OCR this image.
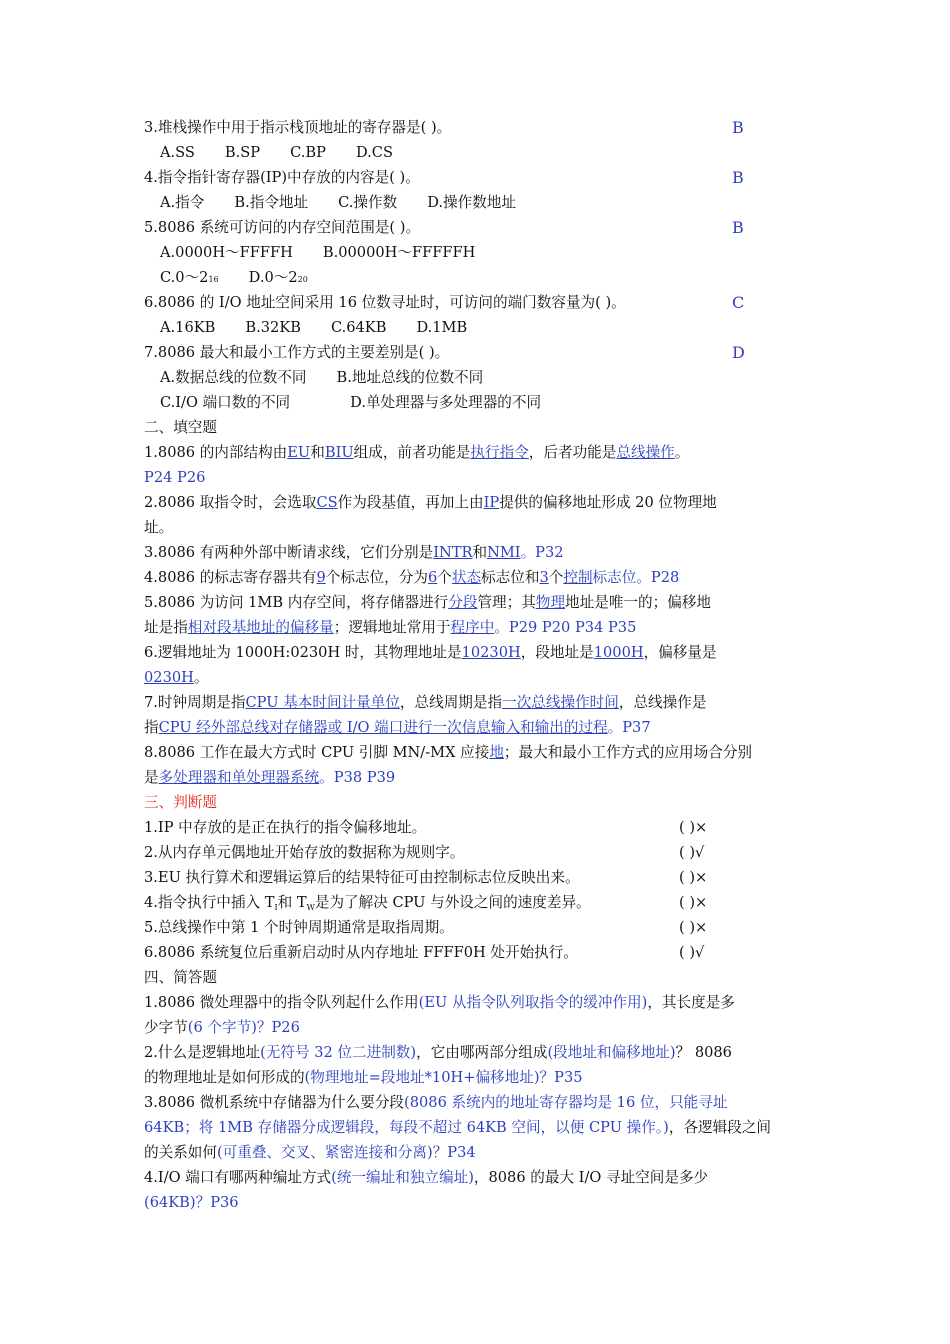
3.堆栈操作中用于指示栈顶地址的寄存器是( )。	B
A.SS B.SP C.BP D.CS
4.指令指针寄存器(IP)中存放的内容是( )。	B
A.指令 B.指令地址 C.操作数 D.操作数地址
5.8086 系统可访问的内存空间范围是( )。	B
A.0000H～FFFFH B.00000H～FFFFFH
C.0～216 D.0～220
6.8086 的 I/O 地址空间采用 16 位数寻址时，可访问的端门数容量为( )。	C
A.16KB B.32KB C.64KB D.1MB
7.8086 最大和最小工作方式的主要差别是( )。	D
A.数据总线的位数不同 B.地址总线的位数不同
C.I/O 端口数的不同	D.单处理器与多处理器的不同
二、填空题
1.8086 的内部结构由EU和BIU组成，前者功能是执行指令，后者功能是总线操作。
P24 P26
2.8086 取指令时，会选取CS作为段基值，再加上由IP提供的偏移地址形成 20 位物理地
址。
3.8086 有两种外部中断请求线，它们分别是INTR和NMI。P32
4.8086 的标志寄存器共有9个标志位，分为6个状态标志位和3个控制标志位。P28
5.8086 为访问 1MB 内存空间，将存储器进行分段管理；其物理地址是唯一的；偏移地
址是指相对段基地址的偏移量；逻辑地址常用于程序中。P29 P20 P34 P35
6.逻辑地址为 1000H:0230H 时，其物理地址是10230H，段地址是1000H，偏移量是
0230H。
7.时钟周期是指CPU 基本时间计量单位，总线周期是指一次总线操作时间，总线操作是
指CPU 经外部总线对存储器或 I/O 端口进行一次信息输入和输出的过程。P37
8.8086 工作在最大方式时 CPU 引脚 MN/-MX 应接地；最大和最小工作方式的应用场合分别
是多处理器和单处理器系统。P38 P39
三、判断题
1.IP 中存放的是正在执行的指令偏移地址。	( )×
2.从内存单元偶地址开始存放的数据称为规则字。	( )√
3.EU 执行算术和逻辑运算后的结果特征可由控制标志位反映出来。	( )×
4.指令执行中插入 $T_I$和 $T_W$是为了解决 CPU 与外设之间的速度差异。	( )×
5.总线操作中第 1 个时钟周期通常是取指周期。	( )×
6.8086 系统复位后重新启动时从内存地址 FFFF0H 处开始执行。	( )√
四、简答题
1.8086 微处理器中的指令队列起什么作用(EU 从指令队列取指令的缓冲作用)，其长度是多
少字节(6 个字节)？P26
2.什么是逻辑地址(无符号 32 位二进制数)，它由哪两部分组成(段地址和偏移地址)？ 8086
的物理地址是如何形成的(物理地址=段地址*10H+偏移地址)？P35
3.8086 微机系统中存储器为什么要分段(8086 系统内的地址寄存器均是 16 位，只能寻址
64KB；将 1MB 存储器分成逻辑段，每段不超过 64KB 空间，以便 CPU 操作。)，各逻辑段之间
的关系如何(可重叠、交叉、紧密连接和分离)？P34
4.I/O 端口有哪两种编址方式(统一编址和独立编址)，8086 的最大 I/O 寻址空间是多少
(64KB)？P36
